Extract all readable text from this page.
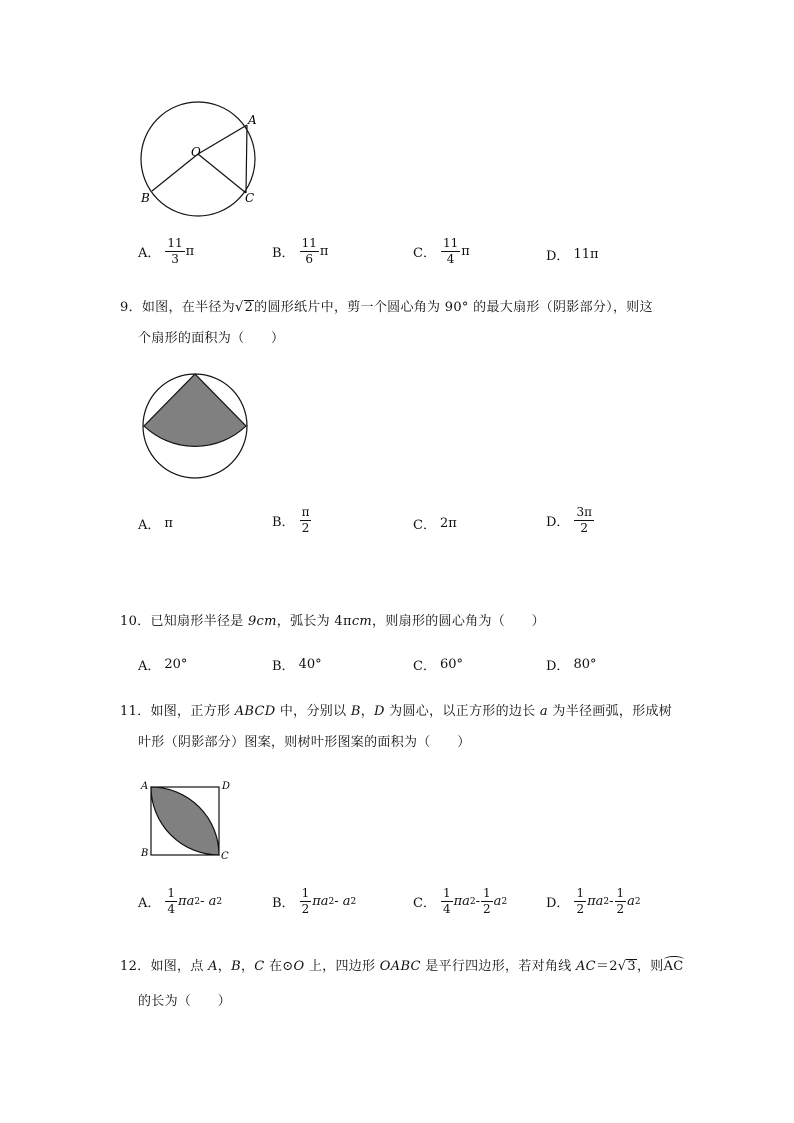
A
O
B	C
A． $\frac{11}{3}$ π	B． $\frac{11}{6}$ π	C． $\frac{11}{4}$ π	D． 11π
9．如图，在半径为√ 2 的圆形纸片中，剪一个圆心角为 90° 的最大扇形（阴影部分），则这
个扇形的面积为（　　）
A． π	B． $\frac{\pi}{2}$	C． 2π	D． $\frac{3\pi}{2}$
10．已知扇形半径是 9cm，弧长为 4πcm，则扇形的圆心角为（　　）
A． 20°	B． 40°	C． 60°	D． 80°
11．如图，正方形 ABCD 中，分别以 B，D 为圆心，以正方形的边长 a 为半径画弧，形成树
叶形（阴影部分）图案，则树叶形图案的面积为（　　）
A	D
B	C
A． $\frac{1}{4}$ πa 2 - a 2	B． $\frac{1}{2}$ πa 2 - a 2	C． $\frac{1}{4}$ πa $2 - \frac{1}{2}$ a 2	D． $\frac{1}{2}$ πa $2 - \frac{1}{2}$ a 2
12．如图，点 A，B，C 在⊙O 上，四边形 OABC 是平行四边形，若对角线 AC＝2√ 3 ，则AC
的长为（　　）
